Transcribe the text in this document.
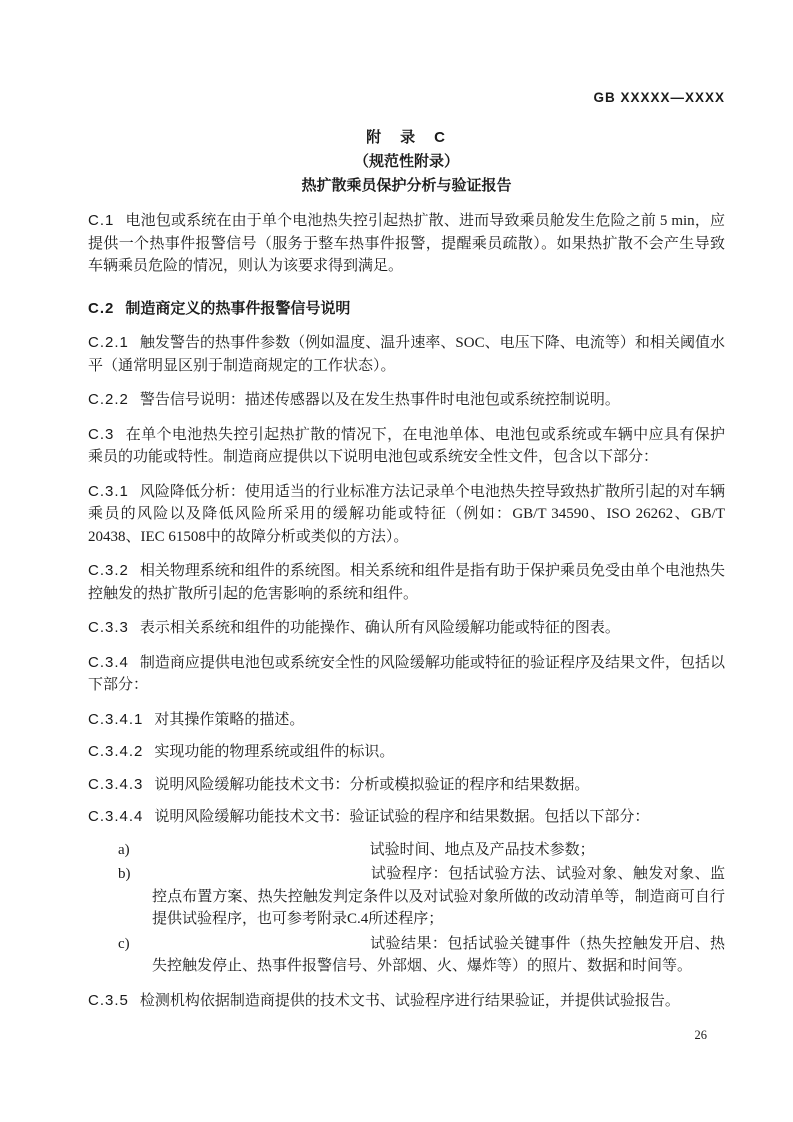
GB XXXXX—XXXX
附　录　C
（规范性附录）
热扩散乘员保护分析与验证报告

C.1 电池包或系统在由于单个电池热失控引起热扩散、进而导致乘员舱发生危险之前 5 min，应提供一个热事件报警信号（服务于整车热事件报警，提醒乘员疏散）。如果热扩散不会产生导致车辆乘员危险的情况，则认为该要求得到满足。

C.2 制造商定义的热事件报警信号说明

C.2.1 触发警告的热事件参数（例如温度、温升速率、SOC、电压下降、电流等）和相关阈值水平（通常明显区别于制造商规定的工作状态）。

C.2.2 警告信号说明：描述传感器以及在发生热事件时电池包或系统控制说明。

C.3 在单个电池热失控引起热扩散的情况下，在电池单体、电池包或系统或车辆中应具有保护乘员的功能或特性。制造商应提供以下说明电池包或系统安全性文件，包含以下部分：

C.3.1 风险降低分析：使用适当的行业标准方法记录单个电池热失控导致热扩散所引起的对车辆乘员的风险以及降低风险所采用的缓解功能或特征（例如：GB/T 34590、ISO 26262、GB/T 20438、IEC 61508中的故障分析或类似的方法）。

C.3.2 相关物理系统和组件的系统图。相关系统和组件是指有助于保护乘员免受由单个电池热失控触发的热扩散所引起的危害影响的系统和组件。

C.3.3 表示相关系统和组件的功能操作、确认所有风险缓解功能或特征的图表。

C.3.4 制造商应提供电池包或系统安全性的风险缓解功能或特征的验证程序及结果文件，包括以下部分：

C.3.4.1 对其操作策略的描述。

C.3.4.2 实现功能的物理系统或组件的标识。

C.3.4.3 说明风险缓解功能技术文书：分析或模拟验证的程序和结果数据。

C.3.4.4 说明风险缓解功能技术文书：验证试验的程序和结果数据。包括以下部分：

a)	试验时间、地点及产品技术参数；

b)	试验程序：包括试验方法、试验对象、触发对象、监控点布置方案、热失控触发判定条件以及对试验对象所做的改动清单等，制造商可自行提供试验程序，也可参考附录C.4所述程序；

c)	试验结果：包括试验关键事件（热失控触发开启、热失控触发停止、热事件报警信号、外部烟、火、爆炸等）的照片、数据和时间等。

C.3.5 检测机构依据制造商提供的技术文书、试验程序进行结果验证，并提供试验报告。

26
